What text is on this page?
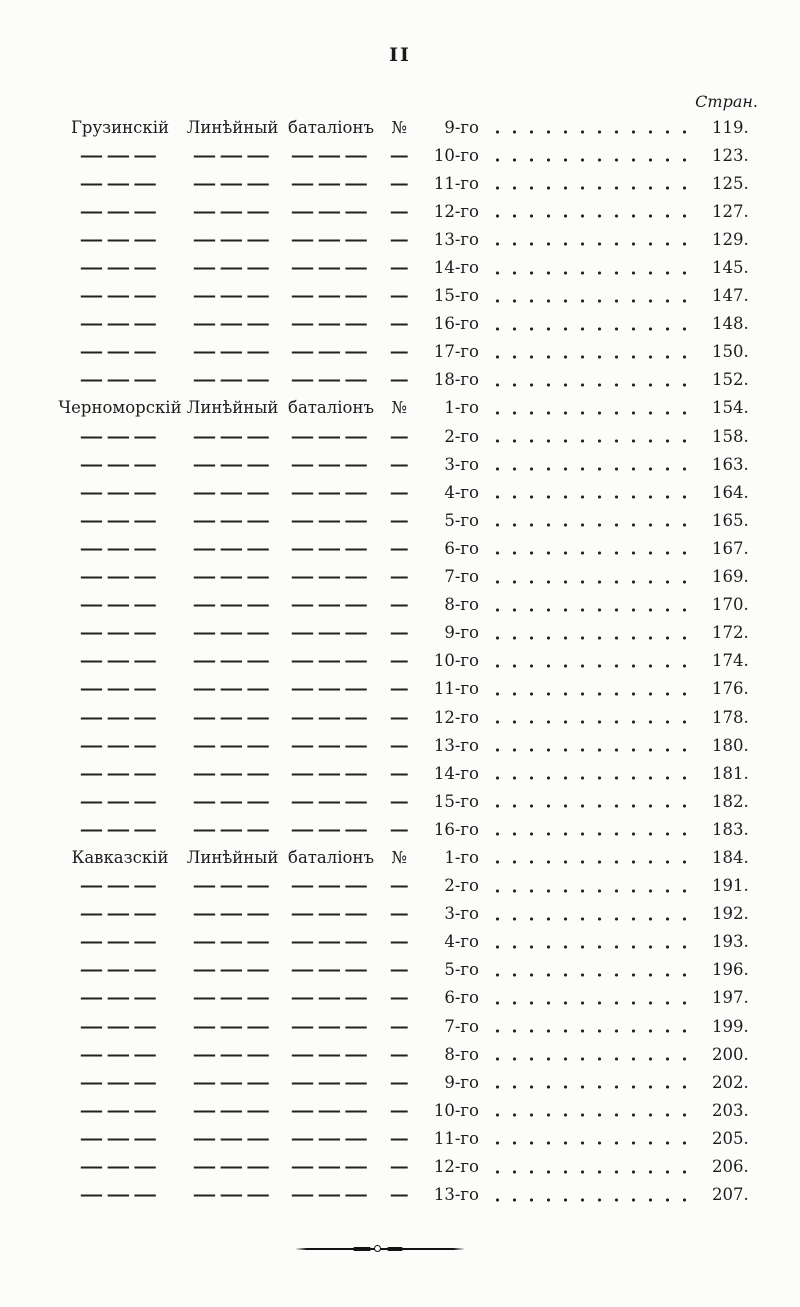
II
Стран.
Грузинскій	Линѣйный баталіонъ	№	9-го	119.
———	———	———	—	10-го	123.
———	———	———	—	11-го	125.
———	———	———	—	12-го	127.
———	———	———	—	13-го	129.
———	———	———	—	14-го	145.
———	———	———	—	15-го	147.
———	———	———	—	16-го	148.
———	———	———	—	17-го	150.
———	———	———	—	18-го	152.
Черноморскій Линѣйный баталіонъ	№	1-го	154.
———	———	———	—	2-го	158.
———	———	———	—	3-го	163.
———	———	———	—	4-го	164.
———	———	———	—	5-го	165.
———	———	———	—	6-го	167.
———	———	———	—	7-го	169.
———	———	———	—	8-го	170.
———	———	———	—	9-го	172.
———	———	———	—	10-го	174.
———	———	———	—	11-го	176.
———	———	———	—	12-го	178.
———	———	———	—	13-го	180.
———	———	———	—	14-го	181.
———	———	———	—	15-го	182.
———	———	———	—	16-го	183.
Кавказскій	Линѣйный баталіонъ	№	1-го	184.
———	———	———	—	2-го	191.
———	———	———	—	3-го	192.
———	———	———	—	4-го	193.
———	———	———	—	5-го	196.
———	———	———	—	6-го	197.
———	———	———	—	7-го	199.
———	———	———	—	8-го	200.
———	———	———	—	9-го	202.
———	———	———	—	10-го	203.
———	———	———	—	11-го	205.
———	———	———	—	12-го	206.
———	———	———	—	13-го	207.
